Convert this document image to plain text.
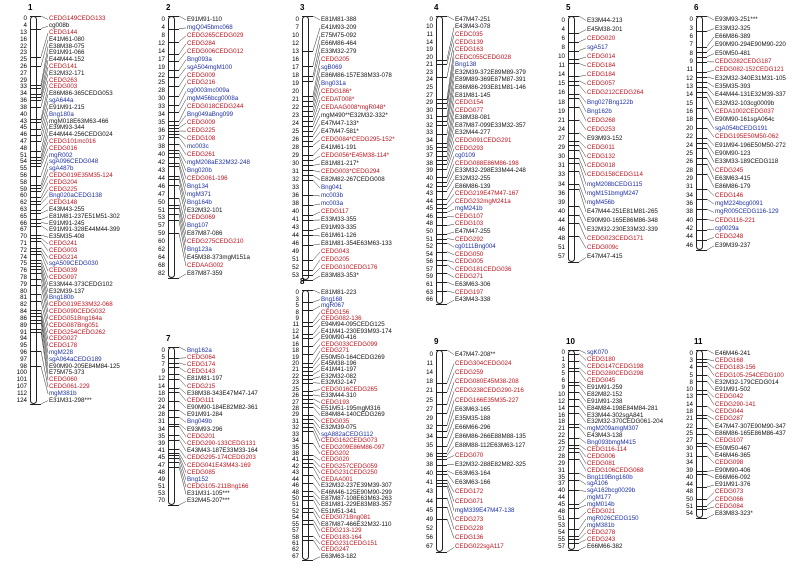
1
0	CEDG149CEDG133
4	cg008b
13	CEDG144
16	E41M61-080
22	E38M38-075
23	E91M91-066
25	E44M44-152
26	CEDG141
27	E32M32-171
29	CEDG263
33	CEDG003
34	E86M86-365CEDG053
36	sgA644a
38	E91M91-215
40	Bng180a
43	mgM018E63M63-466
45	E39M93-344
46	E44M44-256CEDG024
47	CEDG101mc016
48	CEDG016
51	mgR002
54	sgA096CEDG048
55	sgA487b
56	CEDG019E35M35-124
58	CEDG204
59	CEDG225
60	Bng020aCEDG138
62	CEDG148
63	E43M43-255
65	E81M81-237E51M51-302
66	E91M91-245
67	E91M91-328E44M44-399
70	E35M35-408
71	CEDG241
72	CEDG003
74	CEDG214
75	sgA509CEDG030
76	CEDG039
78	CEDG097
79	E33M44-373CEDG102
80	E32M39-137
81	Bng180b
82	CEDG019E33M32-068
84	CEDG090CEDG032
86	CEDG051Bng164a
89	CEDG087Bng051
91	CEDG254CEDG262
94	CEDG027
95	CEDG178
96	mgM228
97	sgA064aCEDG189
98	E90M90-205E84M84-125
100	E75M75-373
101	CEDG060
107	CEDG061-229
112	mgM381b
124	E31M31-298***
2
0	E91M91-110
4	mgQ045bmc068
8	CEDG265CEDG029
12	CEDG284
14	CEDG006CEDG012
17	Bng093a
19	sgA504mgM100
22	CEDG009
25	CEDG216
28	cg0003mc009a
30	mgM456bcg0008a
33	CEDG018CEDG244
34	Bng049aBng099
35	CEDG009
36	CEDG225
37	CEDG108
38	mc003c
40	CEDG261
42	mgM208aE32M32-248
43	Bng020b
44	CEDG061-196
46	Bng134
47	mgM371
50	Bng164b
51	E32M32-101
53	CEDG069
57	Bng107
59	E87M87-086
60	CEDG275CEDG210
62	Bng123a
64	E45M38-373mgM151a
68	CEDAAG002
82	E87M87-359
3
0	E81M81-388
7	E41M93-209
10	E75M75-092
12	E66M86-464
13	E33M32-279
16	CEDG205
17	sgB069
18	E86M86-157E38M33-078
19	Bng031a
20	CEDG186*
21	CEDAT008*
22	CEDAAG008*mgR048*
23	mgM490**E32M32-332*
24	E47M47-133*
25	E47M47-581*
26	CEDG084*CEDG295-152*
28	E41M61-191
29	CEDG056*E45M38-114*
30	E81M81-217*
31	CEDG003*CEDG294
32	E82M82-267CEDG008
33	Bng041
36	mc003b
38	mc003a
40	CEDG117
41	E33M33-355
43	E91M93-335
44	E61M61-126
46	E81M81-354E63M63-133
49	CEDG043
51	CEDG205
52	CEDG010CEDG176
53	E83M83-353*
4
0	E47M47-251
10	E43M43-078
11	CEDC035
14	CEDG139
19	CEDG163
20	CEDC055CEDG028
21	Bng138
23	E32M39-372E89M89-379
24	E89M89-369E87M87-391
25	E86M86-293E81M81-146
27	E81M81-145
29	CEDG154
30	CEDG077
31	E38M38-081
32	E87M87-099E33M32-357
33	E32M44-277
34	CEDG091CEDG291
35	CEDG293
37	cg0109
38	CEDG088E86M86-198
39	E33M32-298E33M44-248
40	E32M32-255
42	E86M86-139
43	CEDG219E47M47-167
44	CEDG232mgM241a
45	mgM241b
46	CEDG107
48	CEDG103
50	E47M47-255
51	CEDG292
52	cg0111Bng004
54	CEDG050
56	CEDG005
57	CEDG181CEDG036
59	CEDG271
61	E63M63-306
63	CEDG197
66	E43M43-338
5
0	E33M44-213
4	E45M38-201
6	CEDG020
8	sgA517
10	CEDG014
11	CEDG184
14	CEDG184
15	CEDG057
16	CEDG212CEDG264
18	Bng027Bng122b
19	Bng162b
21	CEDG268
24	CEDG253
27	E93M93-152
29	CEDG011
30	CEDG132
31	CEDG018
33	CEDG158CEDG114
34	mgM208bCEDG115
36	mgM151bmgM247
39	mgM456b
40	E47M44-251E81M81-265
44	E90M90-165E86M86-348
46	E32M32-230E33M32-339
48	CEDG023CEDG171
51	CEDG009c
57	E47M47-415
6
0	E93M93-251***
3	E33M32-325
6	E66M86-389
7	E90M90-294E90M90-220
8	E50M50-481
9	CEDG282CEDG187
11	CEDG082-152CEDG121
12	E32M32-340E31M31-105
13	E35M35-393
14	E44M44-131E32M39-337
15	E32M32-103cg0009b
16	CEDA1002CEDG037
18	E90M90-161sgA064c
20	sgA054bCEDG191
22	CEDG195E50M50-062
24	E91M94-196E50M50-272
25	E90M90-123
26	E33M33-189CEDG118
28	CEDG245
29	E63M63-415
31	E86M86-179
34	CEDG146
36	mgM224bcg0091
38	mgR005CEDG116-129
40	CEDG116-221
42	cg0029a
44	CEDG248
46	E39M39-237
7
0	Bng162a
5	CEDG064
7	CEDG174
9	CEDG143
12	E81M81-197
14	CEDG215
18	E38M38-343E47M47-147
20	CEDG111
24	E90M90-184E82M82-361
28	E91M91-284
31	Bng049b
34	E93M93-296
35	CEDG201
39	CEDG290-133CEDG131
41	E43M43-187E33M33-164
45	CEDG295-174CEDG203
47	CEDG041E43M43-169
48	CEDG085
49	Bng152
51	CEDG105-211Bng166
53	E31M31-105***
70	E32M45-207***
8
0	E81M81-223
3	Bng168
5	mgR067
8	CEDG156
9	CEDG082-136
11	E94M94-095CEDG125
12	E41M41-230E93M93-174
14	E90M90-416
16	CEDG033CEDG099
18	CEDG271
19	E50M50-164CEDG269
20	E45M38-196
21	E41M41-197
22	E32M32-082
23	E32M32-147
25	CEDG016CEDG265
26	E33M44-310
27	CEDG193
28	E51M51-195mgM316
29	E84M84-140CEDG269
31	CEDG035
32	E32M39-075
33	sgA882aCEDG112
34	CEDG162CEDG073
35	CEDG209E86M86-097
38	CEDG202
41	CEDG020
42	CEDG257CEDG059
43	CEDG231CEDG250
44	CEDAA001
46	E32M32-237E39M39-307
48	E46M46-125E90M90-299
50	E87M87-108E63M63-263
51	E81M81-229E83M83-357
52	E51M51-341
54	CEDG071Bng081
55	E87M87-466E32M32-110
57	CEDG213-129
58	CEDG183-164
61	CEDG231CEDG151
62	CEDG247
67	E63M63-182
9
0	E47M47-208**
11	CEDG304CEDG024
14	CEDG259
18	CEDG080E45M38-208
21	CEDG238CEDG290-216
25	CEDG166E35M35-227
27	E63M63-165
29	E35M35-188
32	E66M66-296
34	E86M86-266E88M88-135
35	E88M88-112E63M63-127
36	CEDG070
38	E32M32-288E82M82-325
40	E63M63-164
41	E63M63-166
43	CEDG172
44	CEDG071
45	mgM339E47M47-138
49	CEDG273
52	CEDG228
56	CEDG136
67	CEDG022sgA117
10
0	sgK070
1	CEDG180
3	CEDG147CEDG198
5	CEDG280CEDG298
6	CEDG045
9	E91M91-259
10	E82M82-152
12	E91M91-238
14	E84M84-198E84M84-281
16	E33M44-302sgA841
18	E32M32-370CEDG061-204
21	mgM209amgM307
22	E43M43-138
25	Bng093bmgM415
27	CEDG116-114
28	CEDG006
29	CEDG081
31	CEDG106CEDG068
35	Bng119Bng160b
37	sgA106
40	sgA162bcg0029b
44	mgM177
45	mgM014b
48	CEDG021
51	mgR026CEDG150
53	mgM381b
54	CEDG278
55	CEDG243
57	E66M66-382
11
0	E46M46-241
3	CEDG168
4	CEDG183-156
5	CEDG105-254CEDG100
8	E32M32-179CEDG014
10	E91M91-502
13	CEDG042
14	CEDG290-141
18	CEDG044
21	CEDG287
22	E47M47-307E90M90-347
25	E86M86-165E86M86-437
27	CEDG107
30	E50M50-467
31	E46M46-365
34	CEDG098
39	E90M90-406
40	E66M66-092
44	E91M91-376
48	CEDG073
50	CEDG066
51	CEDG084
54	E83M83-323*
